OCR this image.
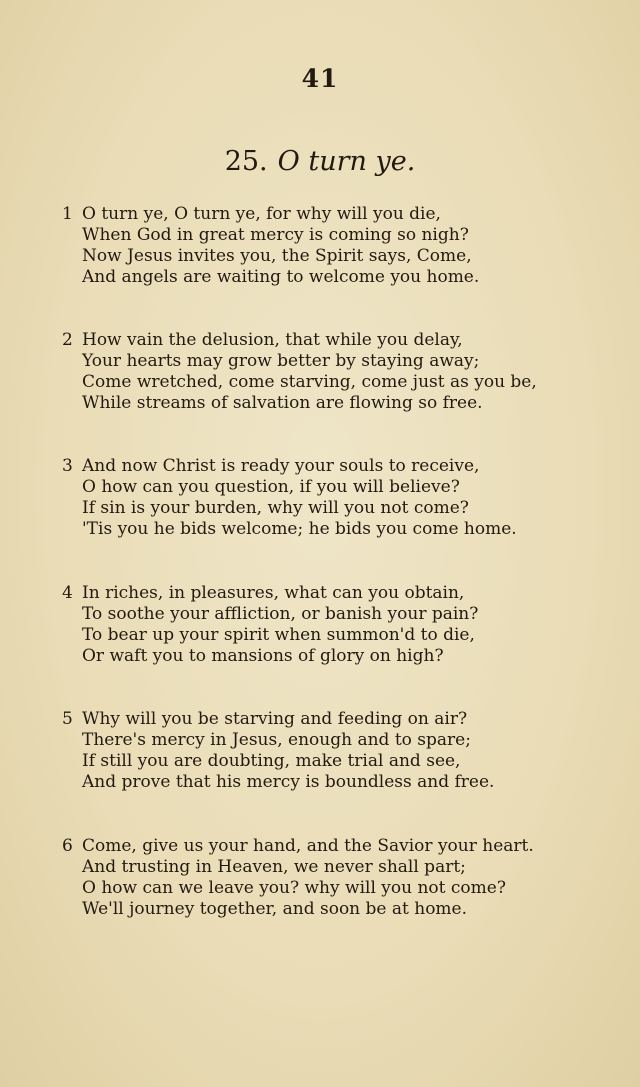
41
25. O turn ye.
1 O turn ye, O turn ye, for why will you die,
When God in great mercy is coming so nigh?
Now Jesus invites you, the Spirit says, Come,
And angels are waiting to welcome you home.
2 How vain the delusion, that while you delay,
Your hearts may grow better by staying away;
Come wretched, come starving, come just as you be,
While streams of salvation are flowing so free.
3 And now Christ is ready your souls to receive,
O how can you question, if you will believe?
If sin is your burden, why will you not come?
'Tis you he bids welcome; he bids you come home.
4 In riches, in pleasures, what can you obtain,
To soothe your affliction, or banish your pain?
To bear up your spirit when summon'd to die,
Or waft you to mansions of glory on high?
5 Why will you be starving and feeding on air?
There's mercy in Jesus, enough and to spare;
If still you are doubting, make trial and see,
And prove that his mercy is boundless and free.
6 Come, give us your hand, and the Savior your heart.
And trusting in Heaven, we never shall part;
O how can we leave you? why will you not come?
We'll journey together, and soon be at home.
